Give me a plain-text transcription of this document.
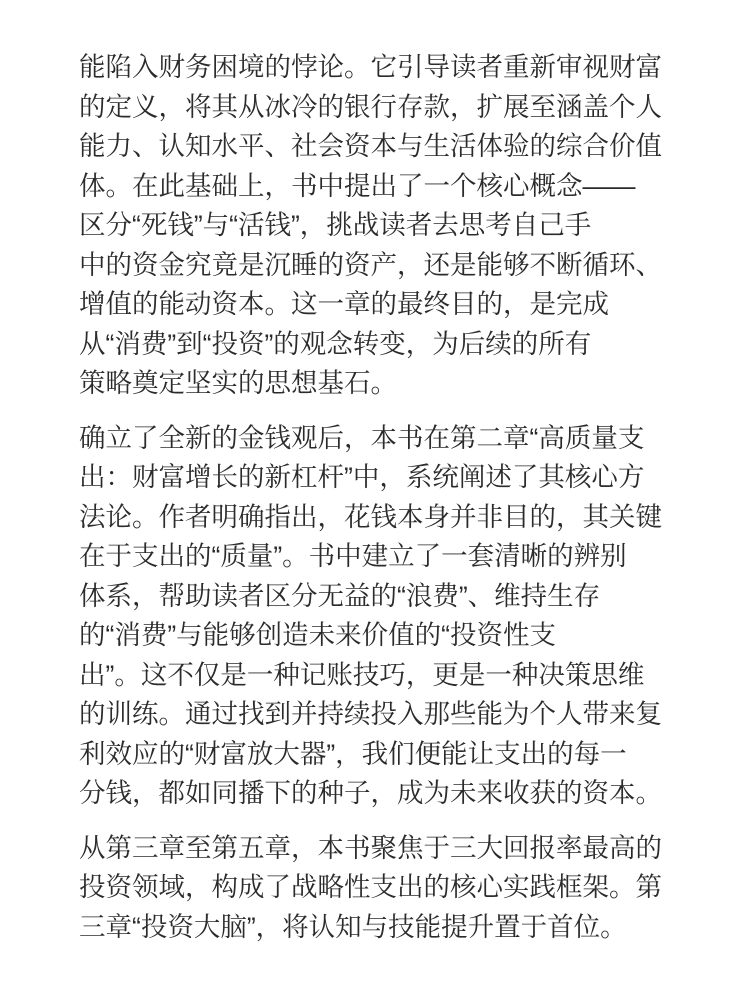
能陷入财务困境的悖论。它引导读者重新审视财富
的定义，将其从冰冷的银行存款，扩展至涵盖个人
能力、认知水平、社会资本与生活体验的综合价值
体。在此基础上，书中提出了一个核心概念——
区分“死钱”与“活钱”，挑战读者去思考自己手
中的资金究竟是沉睡的资产，还是能够不断循环、
增值的能动资本。这一章的最终目的，是完成
从“消费”到“投资”的观念转变，为后续的所有
策略奠定坚实的思想基石。
确立了全新的金钱观后，本书在第二章“高质量支
出：财富增长的新杠杆”中，系统阐述了其核心方
法论。作者明确指出，花钱本身并非目的，其关键
在于支出的“质量”。书中建立了一套清晰的辨别
体系，帮助读者区分无益的“浪费”、维持生存
的“消费”与能够创造未来价值的“投资性支
出”。这不仅是一种记账技巧，更是一种决策思维
的训练。通过找到并持续投入那些能为个人带来复
利效应的“财富放大器”，我们便能让支出的每一
分钱，都如同播下的种子，成为未来收获的资本。
从第三章至第五章，本书聚焦于三大回报率最高的
投资领域，构成了战略性支出的核心实践框架。第
三章“投资大脑”，将认知与技能提升置于首位。
